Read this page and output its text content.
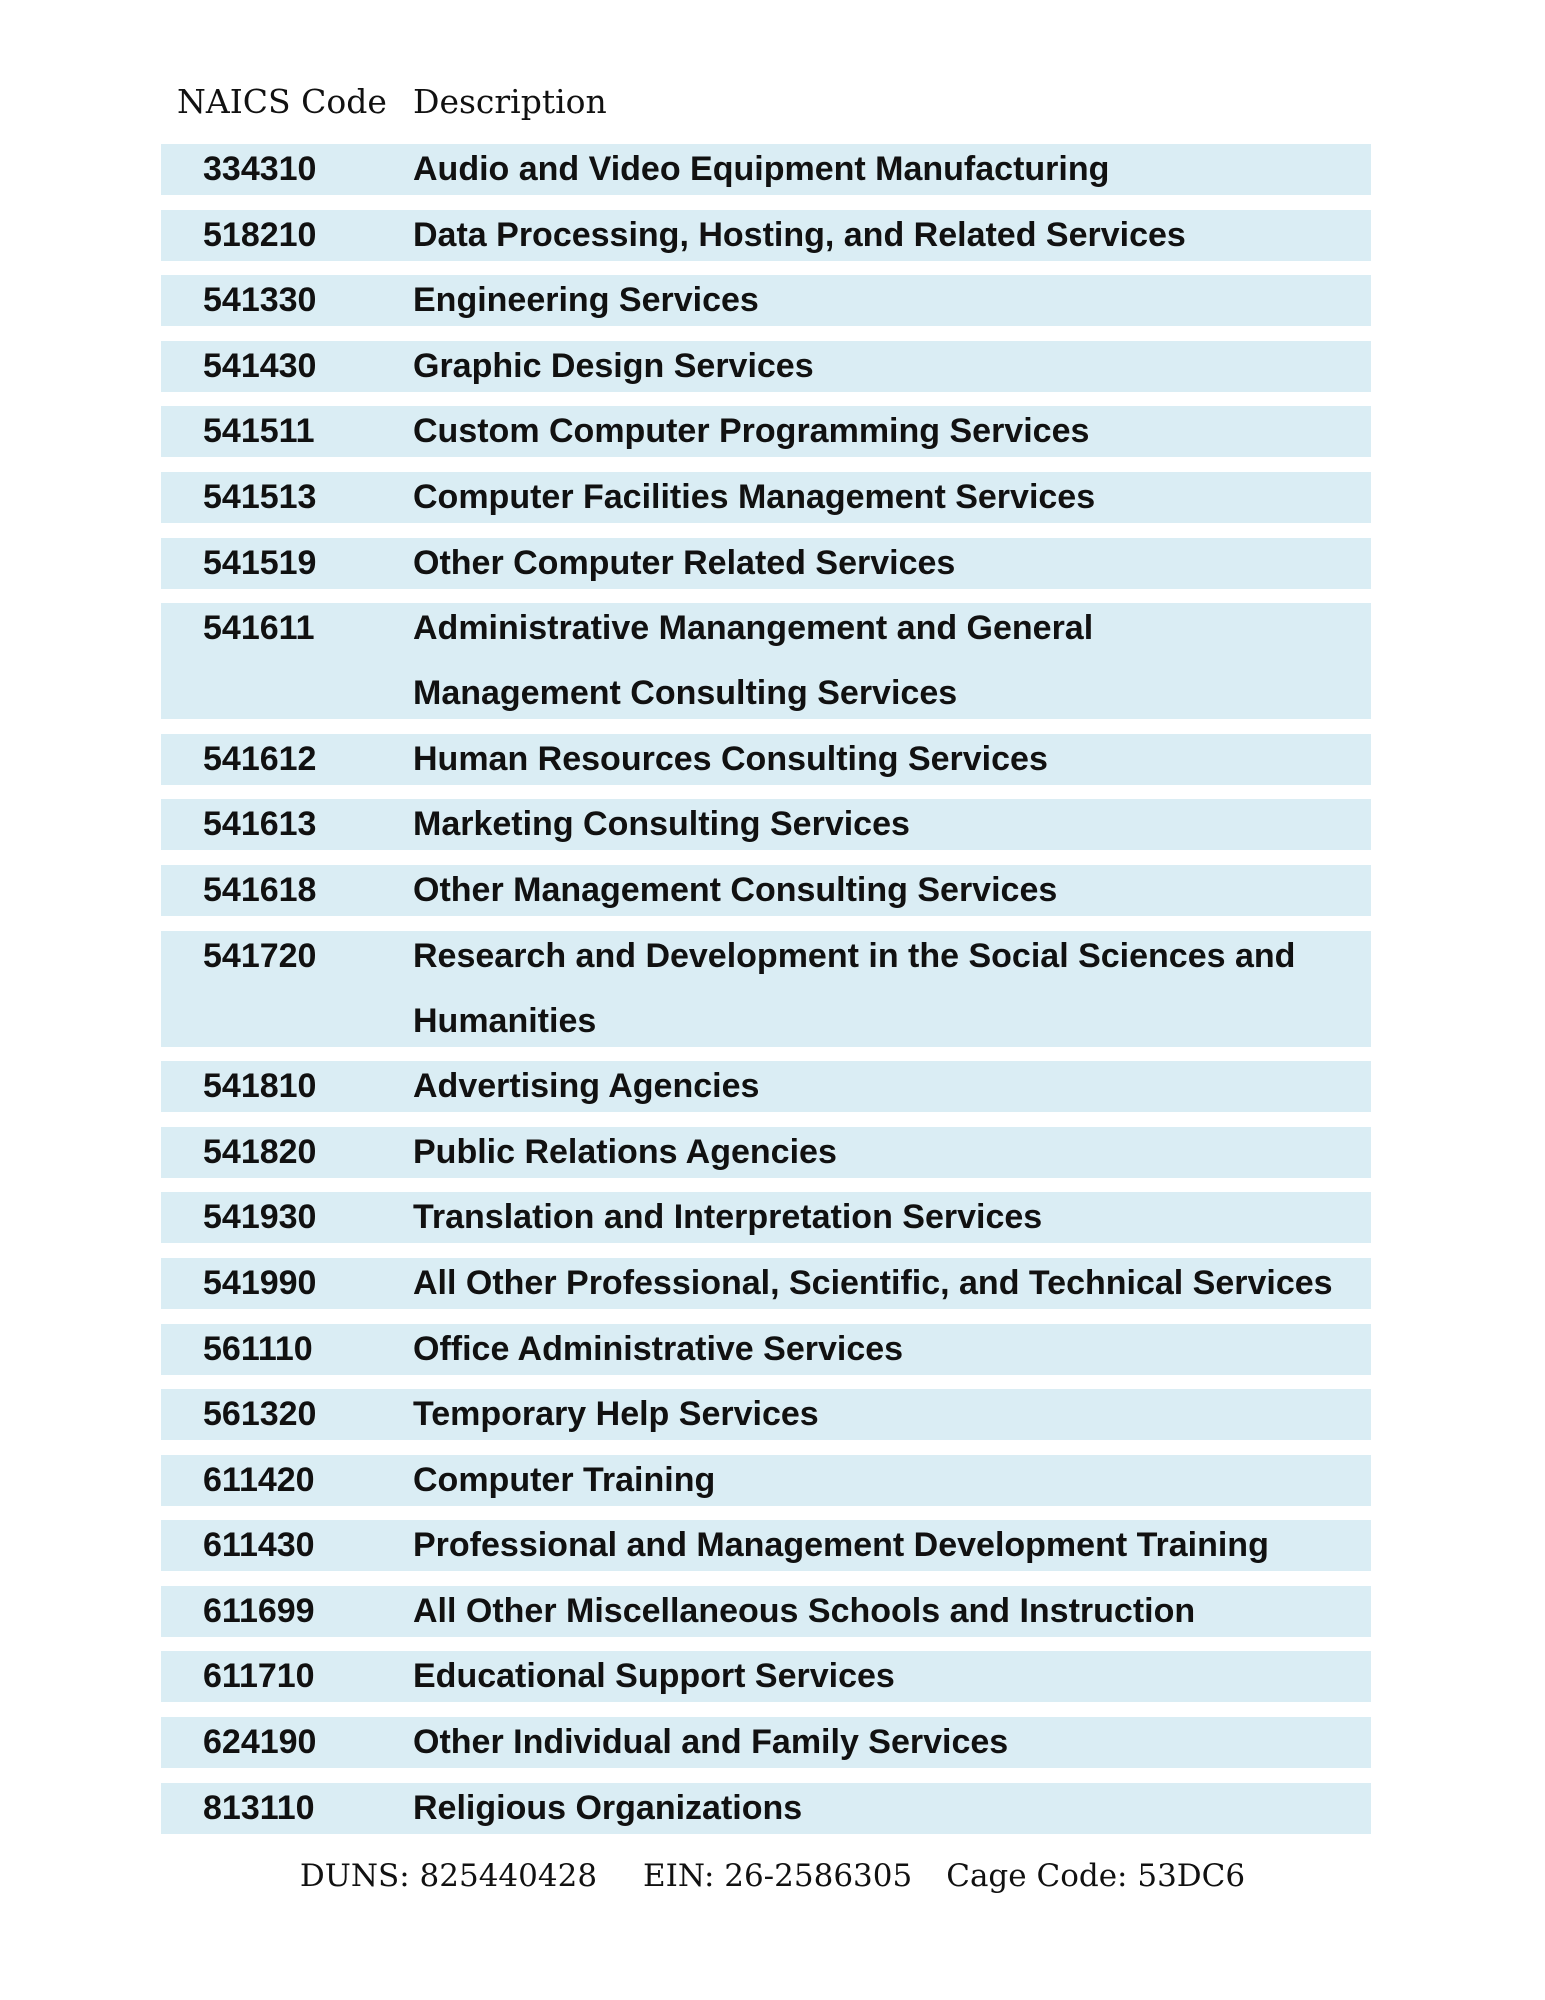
NAICS Code Description
334310	Audio and Video Equipment Manufacturing
518210	Data Processing, Hosting, and Related Services
541330	Engineering Services
541430	Graphic Design Services
541511	Custom Computer Programming Services
541513	Computer Facilities Management Services
541519	Other Computer Related Services
541611	Administrative Manangement and General
Management Consulting Services
541612	Human Resources Consulting Services
541613	Marketing Consulting Services
541618	Other Management Consulting Services
541720	Research and Development in the Social Sciences and
Humanities
541810	Advertising Agencies
541820	Public Relations Agencies
541930	Translation and Interpretation Services
541990	All Other Professional, Scientific, and Technical Services
561110	Office Administrative Services
561320	Temporary Help Services
611420	Computer Training
611430	Professional and Management Development Training
611699	All Other Miscellaneous Schools and Instruction
611710	Educational Support Services
624190	Other Individual and Family Services
813110	Religious Organizations
DUNS: 825440428 EIN: 26-2586305 Cage Code: 53DC6
